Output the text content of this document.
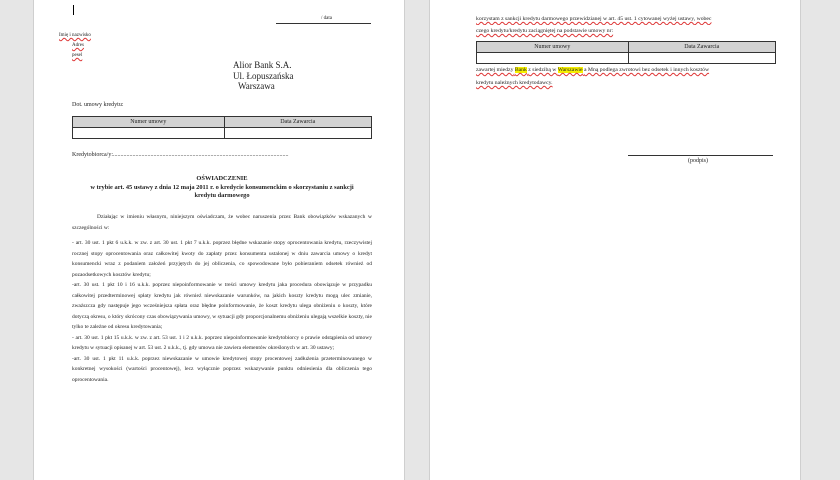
/ data
Imię i nazwisko
Adres
pesel
Alior Bank S.A.
Ul. Łopuszańska
Warszawa
Dot. umowy kredytu:
Numer umowy	Data Zawarcia

Kredytobiorca/y:.....................................................................................................................
OŚWIADCZENIE
w trybie art. 45 ustawy z dnia 12 maja 2011 r. o kredycie konsumenckim o skorzystaniu z sankcji kredytu darmowego

Działając w imieniu własnym, niniejszym oświadczam, że wobec naruszenia przez Bank obowiązków wskazanych w szczególności w:

- art. 30 ust. 1 pkt 6 u.k.k. w zw. z art. 30 ust. 1 pkt 7 u.k.k. poprzez błędne wskazanie stopy oprocentowania kredytu, rzeczywistej rocznej stopy oprocentowania oraz całkowitej kwoty do zapłaty przez konsumenta ustalonej w dniu zawarcia umowy o kredyt konsumencki wraz z podaniem założeń przyjętych do jej obliczenia, co spowodowane było pobieraniem odsetek również od pozaodsetkowych kosztów kredytu;

-art. 30 ust. 1 pkt 10 i 16 u.k.k. poprzez niepoinformowanie w treści umowy kredytu jaka procedura obowiązuje w przypadku całkowitej przedterminowej spłaty kredytu jak również niewskazanie warunków, na jakich koszty kredytu mogą ulec zmianie, zważszcza gdy następuje jego wcześniejsza spłata oraz błędne poinformowanie, że koszt kredytu ulega obniżeniu o koszty, które dotyczą okresu, o który skrócony czas obowiązywania umowy, w sytuacji gdy proporcjonalnemu obniżeniu ulegają wszelkie koszty, nie tylko te zależne od okresu kredytowania;

- art. 30 ust. 1 pkt 15 u.k.k. w zw. z art. 53 ust. 1 i 2 u.k.k. poprzez niepoinformowanie kredytobiorcy o prawie odstąpienia od umowy kredytu w sytuacji opisanej w art. 53 ust. 2 u.k.k., tj. gdy umowa nie zawiera elementów określonych w art. 30 ustawy;

-art. 30 ust. 1 pkt 11 u.k.k. poprzez niewskazanie w umowie kredytowej stopy procentowej zadłużenia przeterminowanego w konkretnej wysokości (wartości procentowej), lecz wyłącznie poprzez wskazywanie punktu odniesienia dla obliczenia tego oprocentowania.

korzystam z sankcji kredytu darmowego przewidzianej w art. 45 ust. 1 cytowanej wyżej ustawy, wobec
czego kredytu/kredytu zaciągniętej na podstawie umowy nr:
Numer umowy	Data Zawarcia

zawartej miedzy Bank z siedzibą w Warszawie a Mną podlega zwrotowi bez odsetek i innych kosztów
kredytu należnych kredytodawcy.
(podpis)
